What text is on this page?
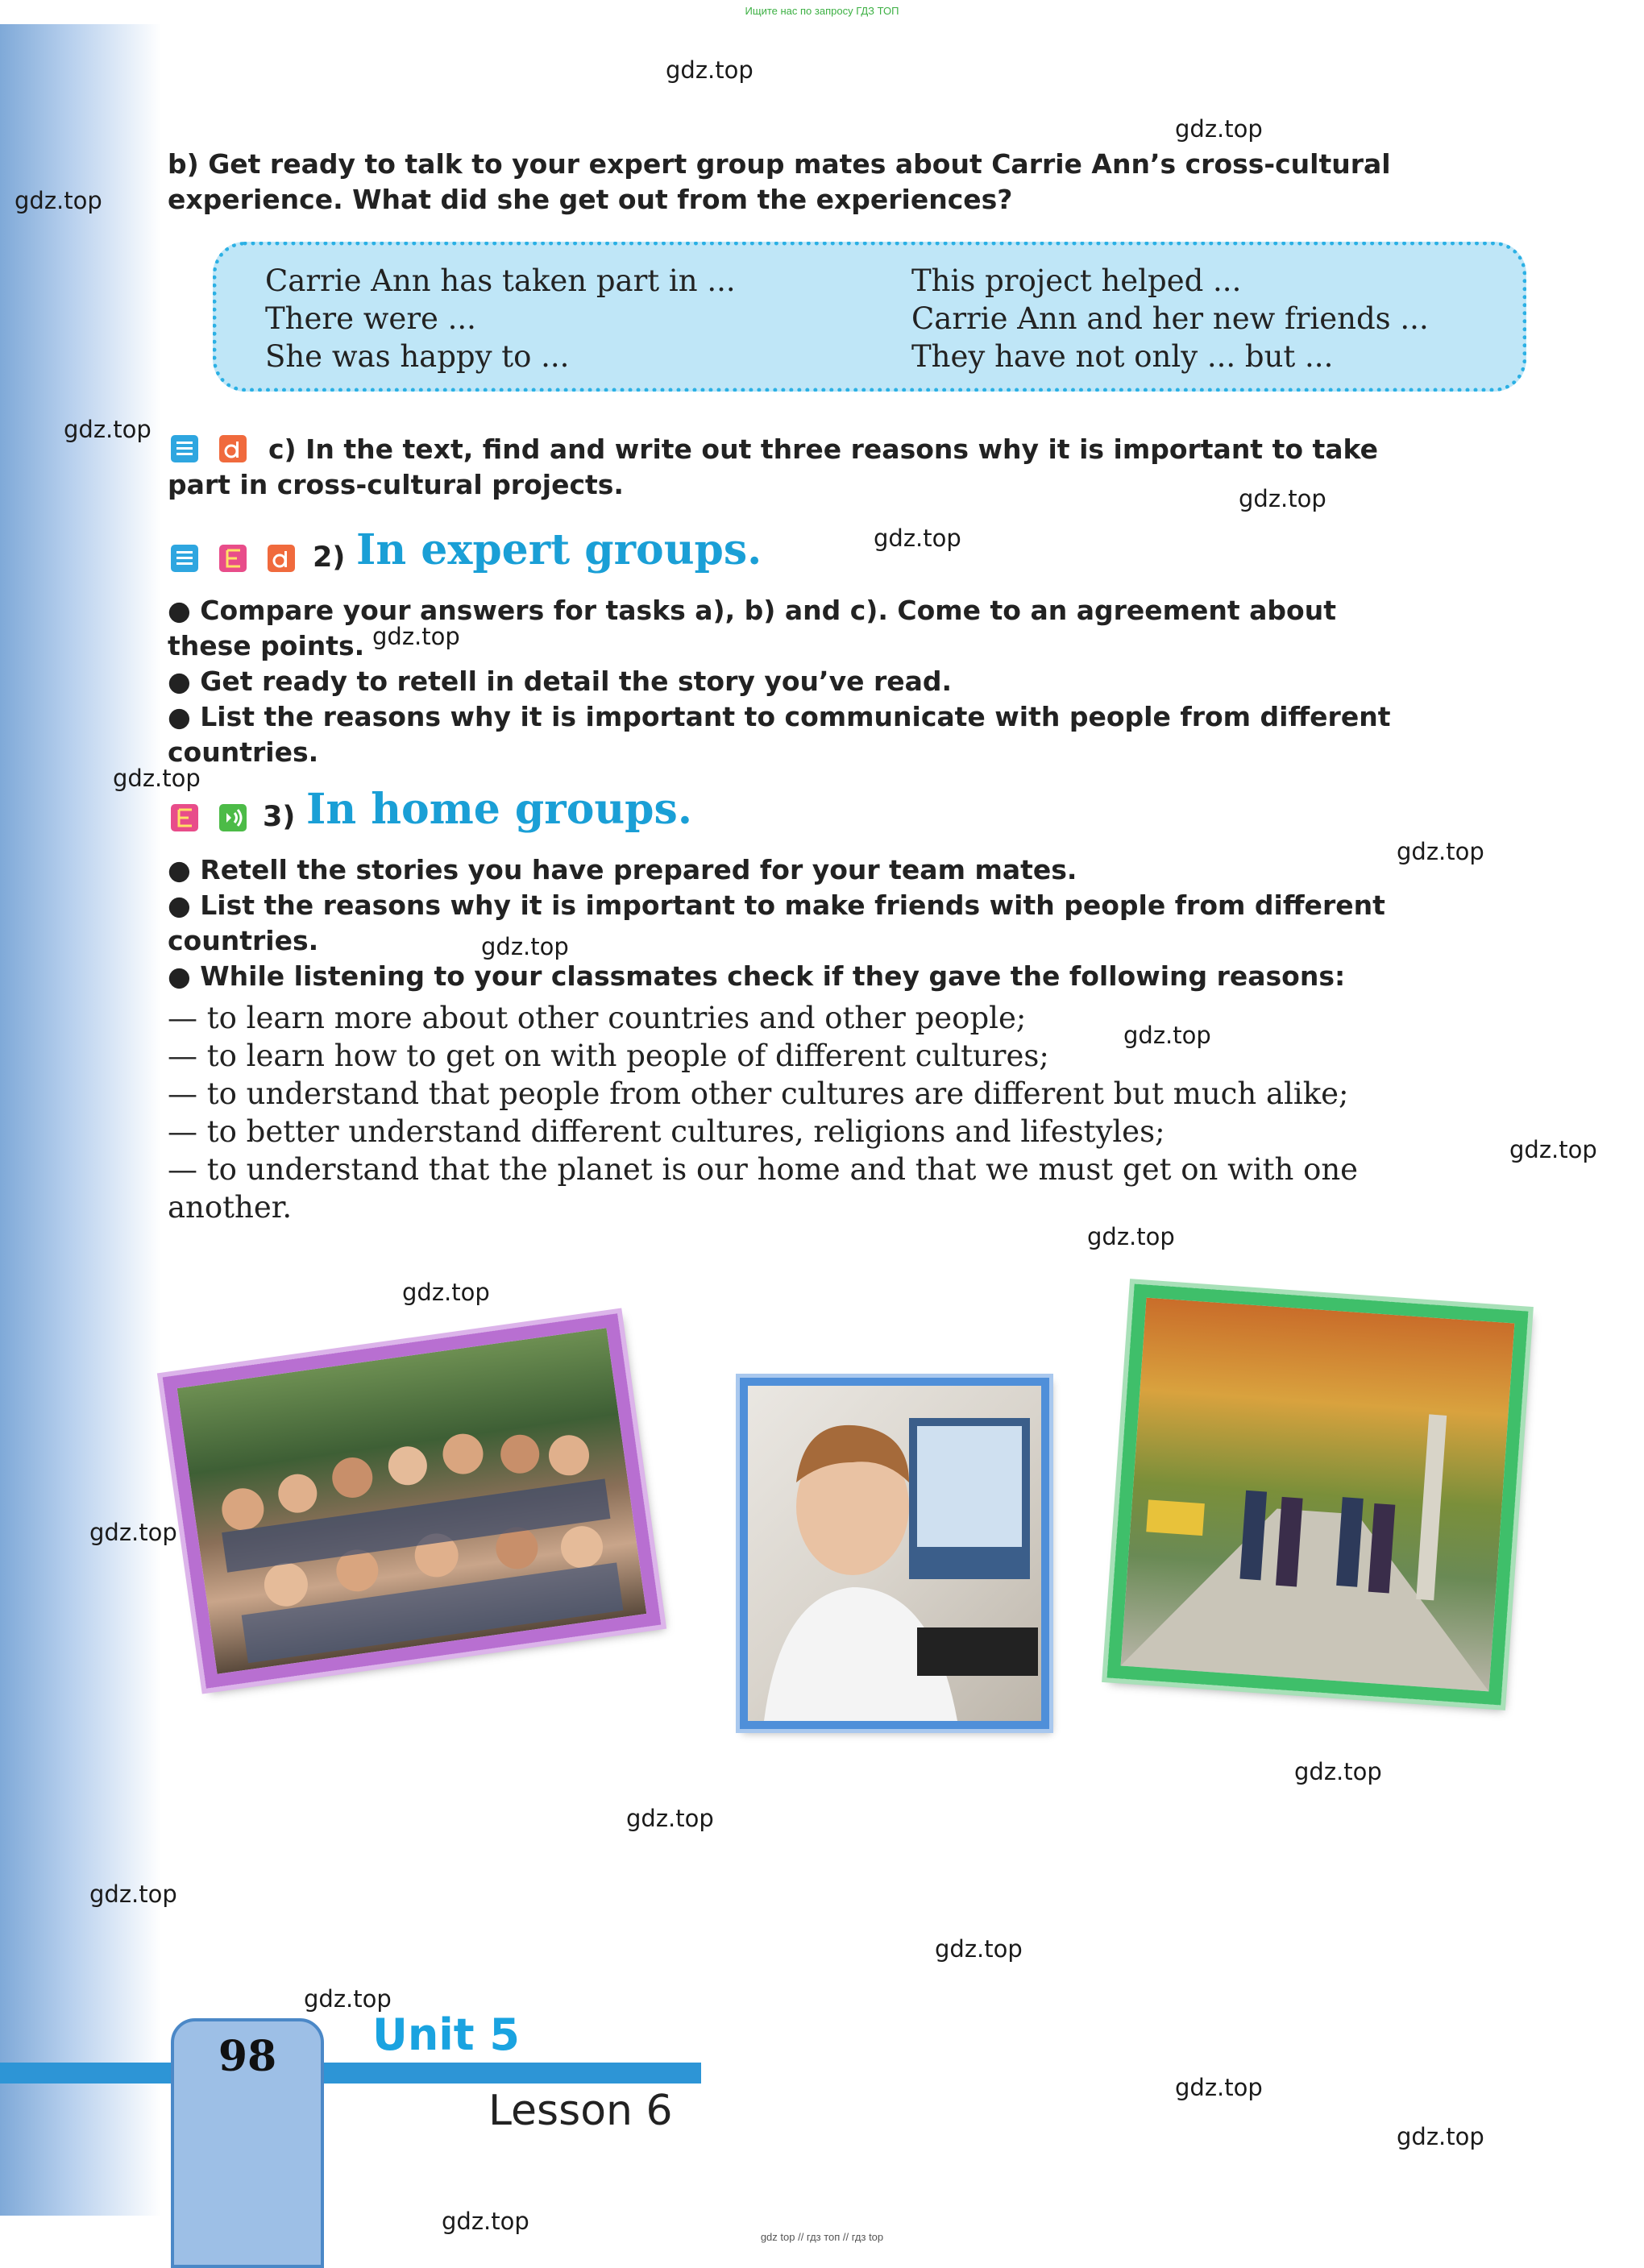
Ищите нас по запросу ГДЗ ТОП
gdz.top
gdz.top
gdz.top
gdz.top
gdz.top
gdz.top
gdz.top
gdz.top
gdz.top
gdz.top
gdz.top
gdz.top
gdz.top
gdz.top
gdz.top
gdz.top
gdz.top
gdz.top
gdz.top
gdz.top
gdz.top
gdz.top
gdz.top
b) Get ready to talk to your expert group mates about Carrie Ann’s cross-cultural
experience. What did she get out from the experiences?
Carrie Ann has taken part in ...
There were ...
She was happy to ...
This project helped ...
Carrie Ann and her new friends ...
They have not only ... but ...
c) In the text, find and write out three reasons why it is important to take
part in cross-cultural projects.
2) In expert groups.
● Compare your answers for tasks a), b) and c). Come to an agreement about
these points.
● Get ready to retell in detail the story you’ve read.
● List the reasons why it is important to communicate with people from different
countries.
3) In home groups.
● Retell the stories you have prepared for your team mates.
● List the reasons why it is important to make friends with people from different
countries.
● While listening to your classmates check if they gave the following reasons:
— to learn more about other countries and other people;
— to learn how to get on with people of different cultures;
— to understand that people from other cultures are different but much alike;
— to better understand different cultures, religions and lifestyles;
— to understand that the planet is our home and that we must get on with one
another.
98	Unit 5
Lesson 6
gdz top // гдз топ // гдз top
